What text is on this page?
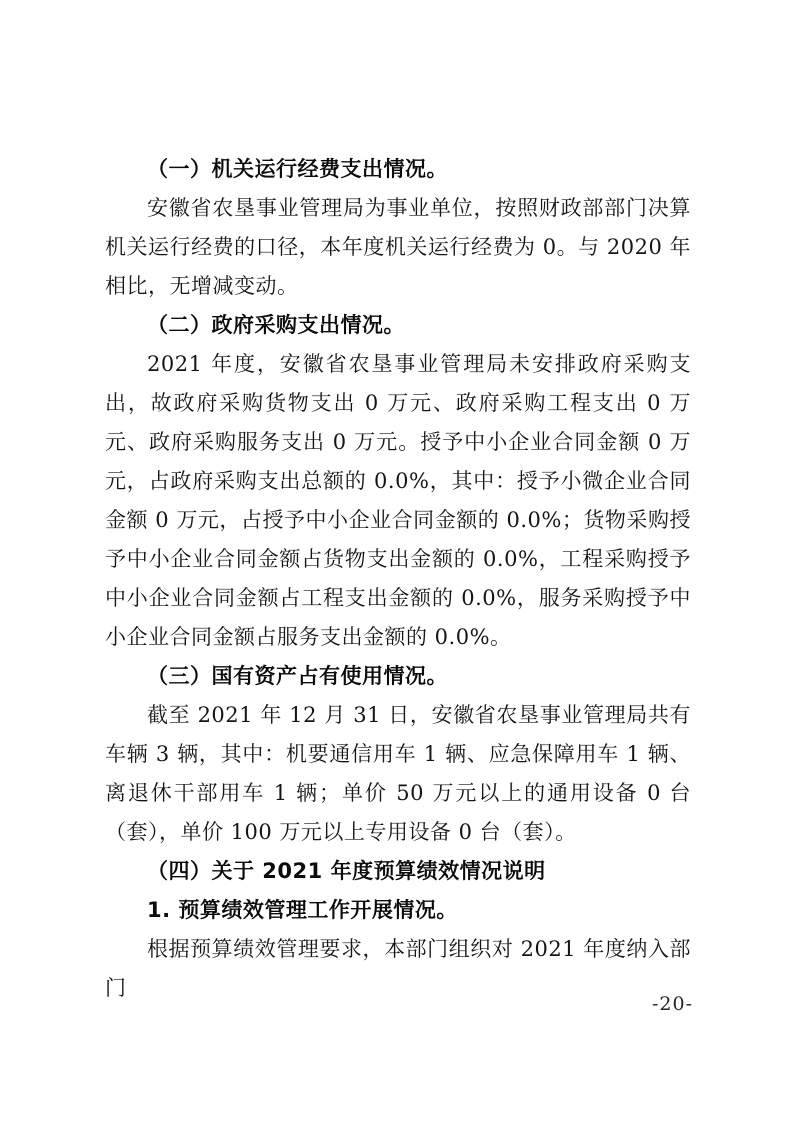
（一）机关运行经费支出情况。

安徽省农垦事业管理局为事业单位，按照财政部部门决算机关运行经费的口径，本年度机关运行经费为 0。与 2020 年相比，无增减变动。

（二）政府采购支出情况。

2021 年度，安徽省农垦事业管理局未安排政府采购支出，故政府采购货物支出 0 万元、政府采购工程支出 0 万元、政府采购服务支出 0 万元。授予中小企业合同金额 0 万元，占政府采购支出总额的 0.0%，其中：授予小微企业合同金额 0 万元，占授予中小企业合同金额的 0.0%；货物采购授予中小企业合同金额占货物支出金额的 0.0%，工程采购授予中小企业合同金额占工程支出金额的 0.0%，服务采购授予中小企业合同金额占服务支出金额的 0.0%。

（三）国有资产占有使用情况。

截至 2021 年 12 月 31 日，安徽省农垦事业管理局共有车辆 3 辆，其中：机要通信用车 1 辆、应急保障用车 1 辆、离退休干部用车 1 辆；单价 50 万元以上的通用设备 0 台（套），单价 100 万元以上专用设备 0 台（套）。

（四）关于 2021 年度预算绩效情况说明
1. 预算绩效管理工作开展情况。

根据预算绩效管理要求，本部门组织对 2021 年度纳入部门

-20-
